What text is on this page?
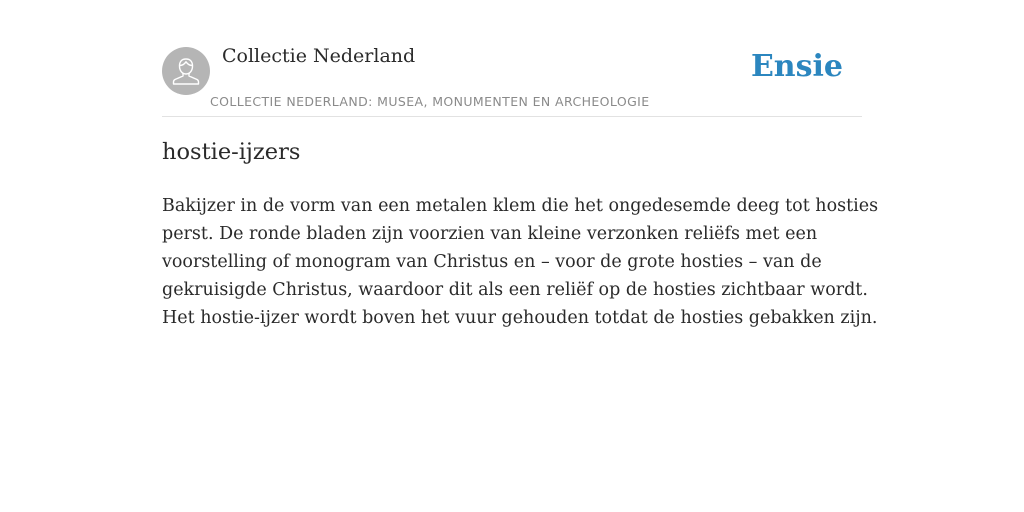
Collectie Nederland
COLLECTIE NEDERLAND: MUSEA, MONUMENTEN EN ARCHEOLOGIE
Ensie
hostie-ijzers

Bakijzer in de vorm van een metalen klem die het ongedesemde deeg tot hosties
perst. De ronde bladen zijn voorzien van kleine verzonken reliëfs met een
voorstelling of monogram van Christus en – voor de grote hosties – van de
gekruisigde Christus, waardoor dit als een reliëf op de hosties zichtbaar wordt.
Het hostie-ijzer wordt boven het vuur gehouden totdat de hosties gebakken zijn.
